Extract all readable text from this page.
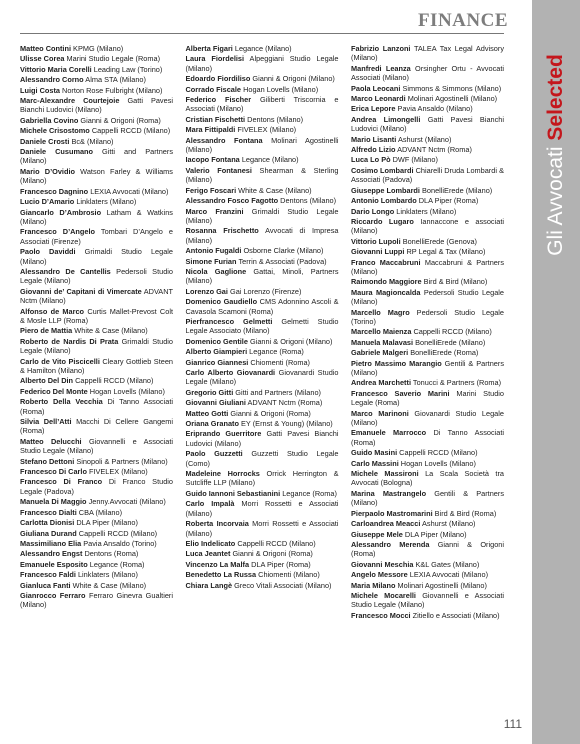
FINANCE
Gli Avvocati Selected

Matteo Contini KPMG (Milano)

Ulisse Corea Marini Studio Legale (Roma)

Vittorio Maria Corelli Leading Law (Torino)

Alessandro Corno Alma STA (Milano)

Luigi Costa Norton Rose Fulbright (Milano)

Marc-Alexandre Courtejoie Gatti Pavesi Bianchi Ludovici (Milano)

Gabriella Covino Gianni & Origoni (Roma)

Michele Crisostomo Cappelli RCCD (Milano)

Daniele Crosti Bc& (Milano)

Daniele Cusumano Gitti and Partners (Milano)

Mario D’Ovidio Watson Farley & Williams (Milano)

Francesco Dagnino LEXIA Avvocati (Milano)

Lucio D’Amario Linklaters (Milano)

Giancarlo D’Ambrosio Latham & Watkins (Milano)

Francesco D’Angelo Tombari D’Angelo e Associati (Firenze)

Paolo Daviddi Grimaldi Studio Legale (Milano)

Alessandro De Cantellis Pedersoli Studio Legale (Milano)

Giovanni de’ Capitani di Vimercate ADVANT Nctm (Milano)

Alfonso de Marco Curtis Mallet-Prevost Colt & Mosle LLP (Roma)

Piero de Mattia White & Case (Milano)

Roberto de Nardis Di Prata Grimaldi Studio Legale (Milano)

Carlo de Vito Piscicelli Cleary Gottlieb Steen & Hamilton (Milano)

Alberto Del Din Cappelli RCCD (Milano)

Federico Del Monte Hogan Lovells (Milano)

Roberto Della Vecchia Di Tanno Associati (Roma)

Silvia Dell’Atti Macchi Di Cellere Gangemi (Roma)

Matteo Delucchi Giovannelli e Associati Studio Legale (Milano)

Stefano Dettoni Sinopoli & Partners (Milano)

Francesco Di Carlo FIVELEX (Milano)

Francesco Di Franco Di Franco Studio Legale (Padova)

Manuela Di Maggio Jenny.Avvocati (Milano)

Francesco Dialti CBA (Milano)

Carlotta Dionisi DLA Piper (Milano)

Giuliana Durand Cappelli RCCD (Milano)

Massimiliano Elia Pavia Ansaldo (Torino)

Alessandro Engst Dentons (Roma)

Emanuele Esposito Legance (Roma)

Francesco Faldi Linklaters (Milano)

Gianluca Fanti White & Case (Milano)

Gianrocco Ferraro Ferraro Ginevra Gualtieri (Milano)

Alberta Figari Legance (Milano)

Laura Fiordelisi Alpeggiani Studio Legale (Milano)

Edoardo Fiordiliso Gianni & Origoni (Milano)

Corrado Fiscale Hogan Lovells (Milano)

Federico Fischer Giliberti Triscornia e Associati (Milano)

Cristian Fischetti Dentons (Milano)

Mara Fittipaldi FIVELEX (Milano)

Alessandro Fontana Molinari Agostinelli (Milano)

Iacopo Fontana Legance (Milano)

Valerio Fontanesi Shearman & Sterling (Milano)

Ferigo Foscari White & Case (Milano)

Alessandro Fosco Fagotto Dentons (Milano)

Marco Franzini Grimaldi Studio Legale (Milano)

Rosanna Frischetto Avvocati di Impresa (Milano)

Antonio Fugaldi Osborne Clarke (Milano)

Simone Furian Terrin & Associati (Padova)

Nicola Gaglione Gattai, Minoli, Partners (Milano)

Lorenzo Gai Gai Lorenzo (Firenze)

Domenico Gaudiello CMS Adonnino Ascoli & Cavasola Scamoni (Roma)

Pierfrancesco Gelmetti Gelmetti Studio Legale Associato (Milano)

Domenico Gentile Gianni & Origoni (Milano)

Alberto Giampieri Legance (Roma)

Gianrico Giannesi Chiomenti (Roma)

Carlo Alberto Giovanardi Giovanardi Studio Legale (Milano)

Gregorio Gitti Gitti and Partners (Milano)

Giovanni Giuliani ADVANT Nctm (Roma)

Matteo Gotti Gianni & Origoni (Roma)

Oriana Granato EY (Ernst & Young) (Milano)

Eriprando Guerritore Gatti Pavesi Bianchi Ludovici (Milano)

Paolo Guzzetti Guzzetti Studio Legale (Como)

Madeleine Horrocks Orrick Herrington & Sutcliffe LLP (Milano)

Guido Iannoni Sebastianini Legance (Roma)

Carlo Impalà Morri Rossetti e Associati (Milano)

Roberta Incorvaia Morri Rossetti e Associati (Milano)

Elio Indelicato Cappelli RCCD (Milano)

Luca Jeantet Gianni & Origoni (Roma)

Vincenzo La Malfa DLA Piper (Roma)

Benedetto La Russa Chiomenti (Milano)

Chiara Langè Greco Vitali Associati (Milano)

Fabrizio Lanzoni TALEA Tax Legal Advisory (Milano)

Manfredi Leanza Orsingher Ortu - Avvocati Associati (Milano)

Paola Leocani Simmons & Simmons (Milano)

Marco Leonardi Molinari Agostinelli (Milano)

Erica Lepore Pavia Ansaldo (Milano)

Andrea Limongelli Gatti Pavesi Bianchi Ludovici (Milano)

Mario Lisanti Ashurst (Milano)

Alfredo Lizio ADVANT Nctm (Roma)

Luca Lo Pò DWF (Milano)

Cosimo Lombardi Chiarelli Druda Lombardi & Associati (Padova)

Giuseppe Lombardi BonelliErede (Milano)

Antonio Lombardo DLA Piper (Roma)

Dario Longo Linklaters (Milano)

Riccardo Lugaro Iannaccone e associati (Milano)

Vittorio Lupoli BonelliErede (Genova)

Giovanni Luppi RP Legal & Tax (Milano)

Franco Maccabruni Maccabruni & Partners (Milano)

Raimondo Maggiore Bird & Bird (Milano)

Maura Magioncalda Pedersoli Studio Legale (Milano)

Marcello Magro Pedersoli Studio Legale (Torino)

Marcello Maienza Cappelli RCCD (Milano)

Manuela Malavasi BonelliErede (Milano)

Gabriele Malgeri BonelliErede (Roma)

Pietro Massimo Marangio Gentili & Partners (Milano)

Andrea Marchetti Tonucci & Partners (Roma)

Francesco Saverio Marini Marini Studio Legale (Roma)

Marco Marinoni Giovanardi Studio Legale (Milano)

Emanuele Marrocco Di Tanno Associati (Roma)

Guido Masini Cappelli RCCD (Milano)

Carlo Massini Hogan Lovells (Milano)

Michele Massironi La Scala Società tra Avvocati (Bologna)

Marina Mastrangelo Gentili & Partners (Milano)

Pierpaolo Mastromarini Bird & Bird (Roma)

Carloandrea Meacci Ashurst (Milano)

Giuseppe Mele DLA Piper (Milano)

Alessandro Merenda Gianni & Origoni (Roma)

Giovanni Meschia K&L Gates (Milano)

Angelo Messore LEXIA Avvocati (Milano)

Maria Milano Molinari Agostinelli (Milano)

Michele Mocarelli Giovannelli e Associati Studio Legale (Milano)

Francesco Mocci Zitiello e Associati (Milano)

111
